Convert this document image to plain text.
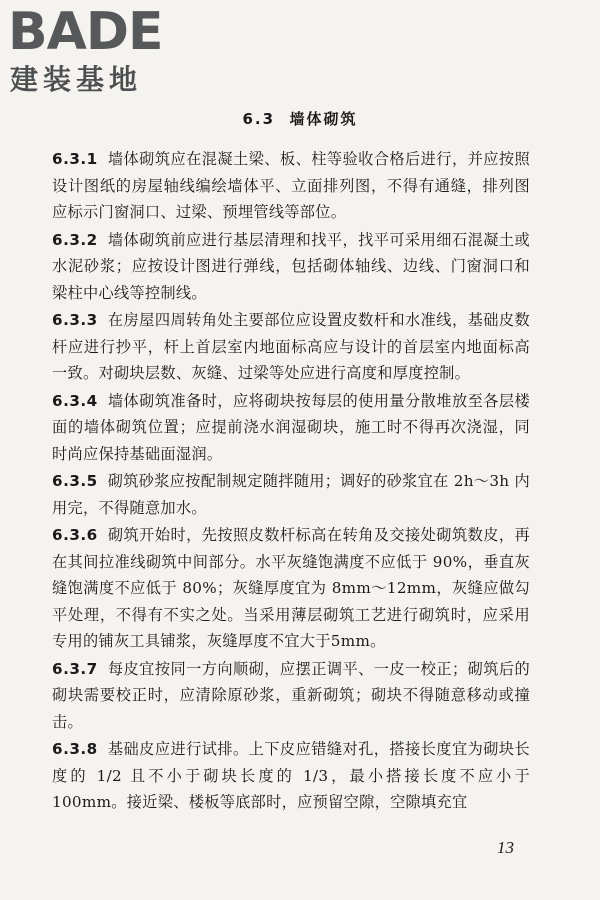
BADE
建装基地
6.3  墙体砌筑

6.3.1 墙体砌筑应在混凝土梁、板、柱等验收合格后进行，并应按照设计图纸的房屋轴线编绘墙体平、立面排列图，不得有通缝，排列图应标示门窗洞口、过梁、预埋管线等部位。

6.3.2 墙体砌筑前应进行基层清理和找平，找平可采用细石混凝土或水泥砂浆；应按设计图进行弹线，包括砌体轴线、边线、门窗洞口和梁柱中心线等控制线。

6.3.3 在房屋四周转角处主要部位应设置皮数杆和水准线，基础皮数杆应进行抄平，杆上首层室内地面标高应与设计的首层室内地面标高一致。对砌块层数、灰缝、过梁等处应进行高度和厚度控制。

6.3.4 墙体砌筑准备时，应将砌块按每层的使用量分散堆放至各层楼面的墙体砌筑位置；应提前浇水润湿砌块，施工时不得再次浇湿，同时尚应保持基础面湿润。

6.3.5 砌筑砂浆应按配制规定随拌随用；调好的砂浆宜在 2h～3h 内用完，不得随意加水。

6.3.6 砌筑开始时，先按照皮数杆标高在转角及交接处砌筑数皮，再在其间拉准线砌筑中间部分。水平灰缝饱满度不应低于 90%，垂直灰缝饱满度不应低于 80%；灰缝厚度宜为 8mm～12mm，灰缝应做勾平处理，不得有不实之处。当采用薄层砌筑工艺进行砌筑时，应采用专用的铺灰工具铺浆，灰缝厚度不宜大于5mm。

6.3.7 每皮宜按同一方向顺砌，应摆正调平、一皮一校正；砌筑后的砌块需要校正时，应清除原砂浆，重新砌筑；砌块不得随意移动或撞击。

6.3.8 基础皮应进行试排。上下皮应错缝对孔，搭接长度宜为砌块长度的 1/2 且不小于砌块长度的 1/3，最小搭接长度不应小于 100mm。接近梁、楼板等底部时，应预留空隙，空隙填充宜

13
